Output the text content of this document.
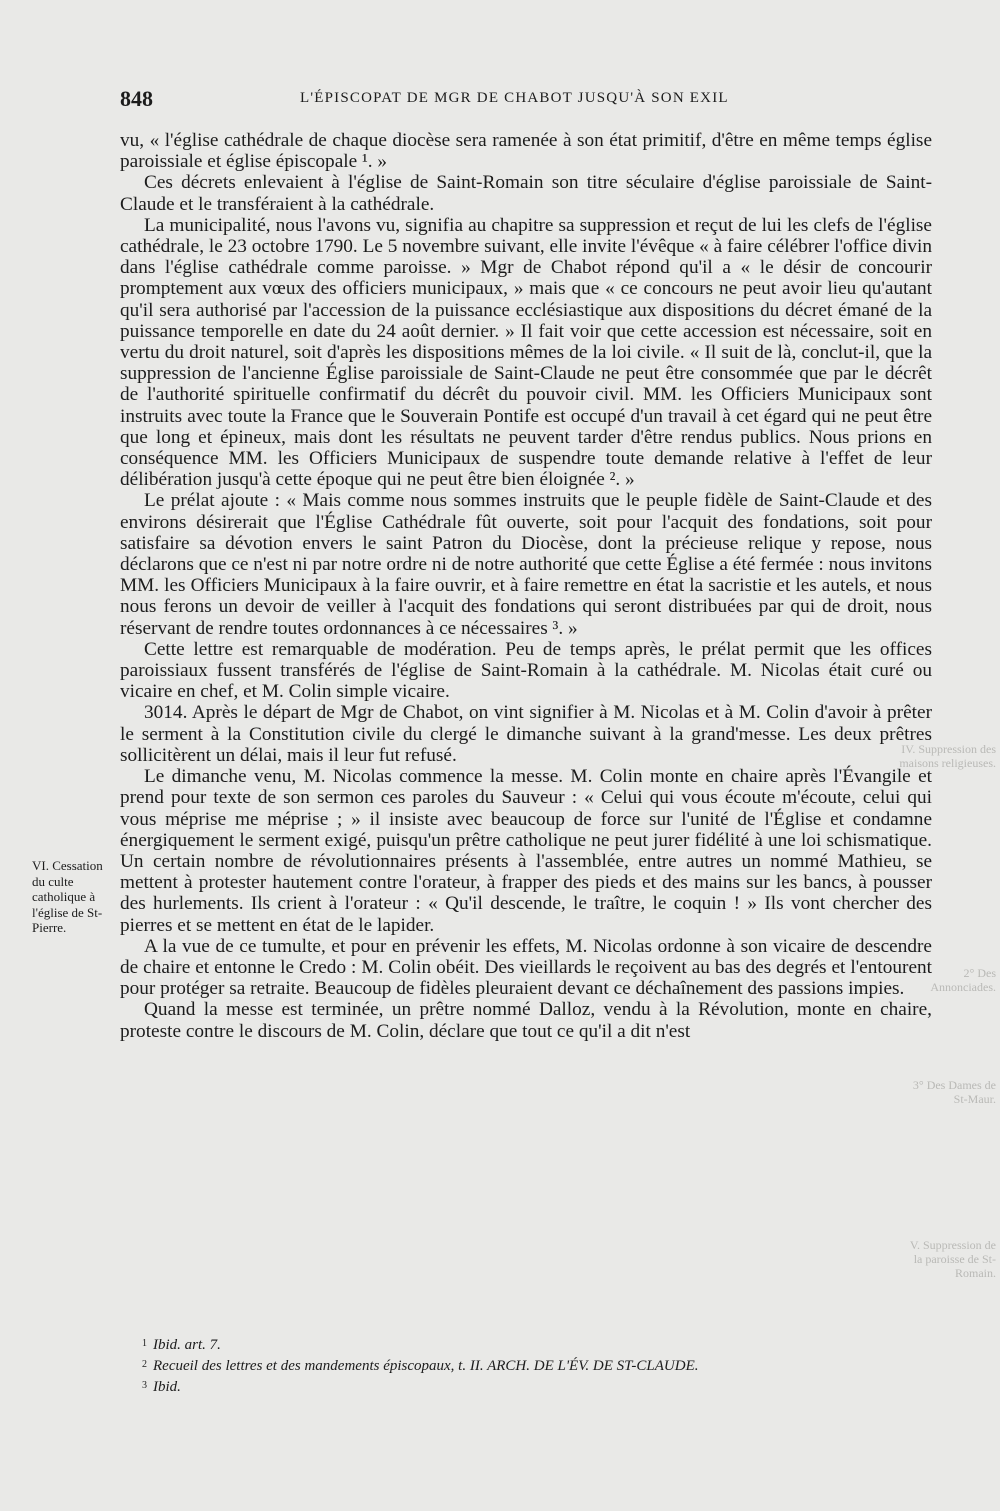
848	L'ÉPISCOPAT DE MGR DE CHABOT JUSQU'À SON EXIL
IV. Suppression des maisons religieuses.
2° Des Annonciades.
3° Des Dames de St-Maur.
V. Suppression de la paroisse de St-Romain.
VI. Cessation du culte catholique à l'église de St-Pierre.

vu, « l'église cathédrale de chaque diocèse sera ramenée à son état primitif, d'être en même temps église paroissiale et église épiscopale ¹. »

Ces décrets enlevaient à l'église de Saint-Romain son titre séculaire d'église paroissiale de Saint-Claude et le transféraient à la cathédrale.

La municipalité, nous l'avons vu, signifia au chapitre sa suppression et reçut de lui les clefs de l'église cathédrale, le 23 octobre 1790. Le 5 novembre suivant, elle invite l'évêque « à faire célébrer l'office divin dans l'église cathédrale comme paroisse. » Mgr de Chabot répond qu'il a « le désir de concourir promptement aux vœux des officiers municipaux, » mais que « ce concours ne peut avoir lieu qu'autant qu'il sera authorisé par l'accession de la puissance ecclésiastique aux dispositions du décret émané de la puissance temporelle en date du 24 août dernier. » Il fait voir que cette accession est nécessaire, soit en vertu du droit naturel, soit d'après les dispositions mêmes de la loi civile. « Il suit de là, conclut-il, que la suppression de l'ancienne Église paroissiale de Saint-Claude ne peut être consommée que par le décrêt de l'authorité spirituelle confirmatif du décrêt du pouvoir civil. MM. les Officiers Municipaux sont instruits avec toute la France que le Souverain Pontife est occupé d'un travail à cet égard qui ne peut être que long et épineux, mais dont les résultats ne peuvent tarder d'être rendus publics. Nous prions en conséquence MM. les Officiers Municipaux de suspendre toute demande relative à l'effet de leur délibération jusqu'à cette époque qui ne peut être bien éloignée ². »

Le prélat ajoute : « Mais comme nous sommes instruits que le peuple fidèle de Saint-Claude et des environs désirerait que l'Église Cathédrale fût ouverte, soit pour l'acquit des fondations, soit pour satisfaire sa dévotion envers le saint Patron du Diocèse, dont la précieuse relique y repose, nous déclarons que ce n'est ni par notre ordre ni de notre authorité que cette Église a été fermée : nous invitons MM. les Officiers Municipaux à la faire ouvrir, et à faire remettre en état la sacristie et les autels, et nous nous ferons un devoir de veiller à l'acquit des fondations qui seront distribuées par qui de droit, nous réservant de rendre toutes ordonnances à ce nécessaires ³. »

Cette lettre est remarquable de modération. Peu de temps après, le prélat permit que les offices paroissiaux fussent transférés de l'église de Saint-Romain à la cathédrale. M. Nicolas était curé ou vicaire en chef, et M. Colin simple vicaire.

3014. Après le départ de Mgr de Chabot, on vint signifier à M. Nicolas et à M. Colin d'avoir à prêter le serment à la Constitution civile du clergé le dimanche suivant à la grand'messe. Les deux prêtres sollicitèrent un délai, mais il leur fut refusé.

Le dimanche venu, M. Nicolas commence la messe. M. Colin monte en chaire après l'Évangile et prend pour texte de son sermon ces paroles du Sauveur : « Celui qui vous écoute m'écoute, celui qui vous méprise me méprise ; » il insiste avec beaucoup de force sur l'unité de l'Église et condamne énergiquement le serment exigé, puisqu'un prêtre catholique ne peut jurer fidélité à une loi schismatique. Un certain nombre de révolutionnaires présents à l'assemblée, entre autres un nommé Mathieu, se mettent à protester hautement contre l'orateur, à frapper des pieds et des mains sur les bancs, à pousser des hurlements. Ils crient à l'orateur : « Qu'il descende, le traître, le coquin ! » Ils vont chercher des pierres et se mettent en état de le lapider.

A la vue de ce tumulte, et pour en prévenir les effets, M. Nicolas ordonne à son vicaire de descendre de chaire et entonne le Credo : M. Colin obéit. Des vieillards le reçoivent au bas des degrés et l'entourent pour protéger sa retraite. Beaucoup de fidèles pleuraient devant ce déchaînement des passions impies.

Quand la messe est terminée, un prêtre nommé Dalloz, vendu à la Révolution, monte en chaire, proteste contre le discours de M. Colin, déclare que tout ce qu'il a dit n'est

$^1$ Ibid. art. 7.
$^2$ Recueil des lettres et des mandements épiscopaux, t. II. ARCH. DE L'ÉV. DE ST-CLAUDE.
$^3$ Ibid.
